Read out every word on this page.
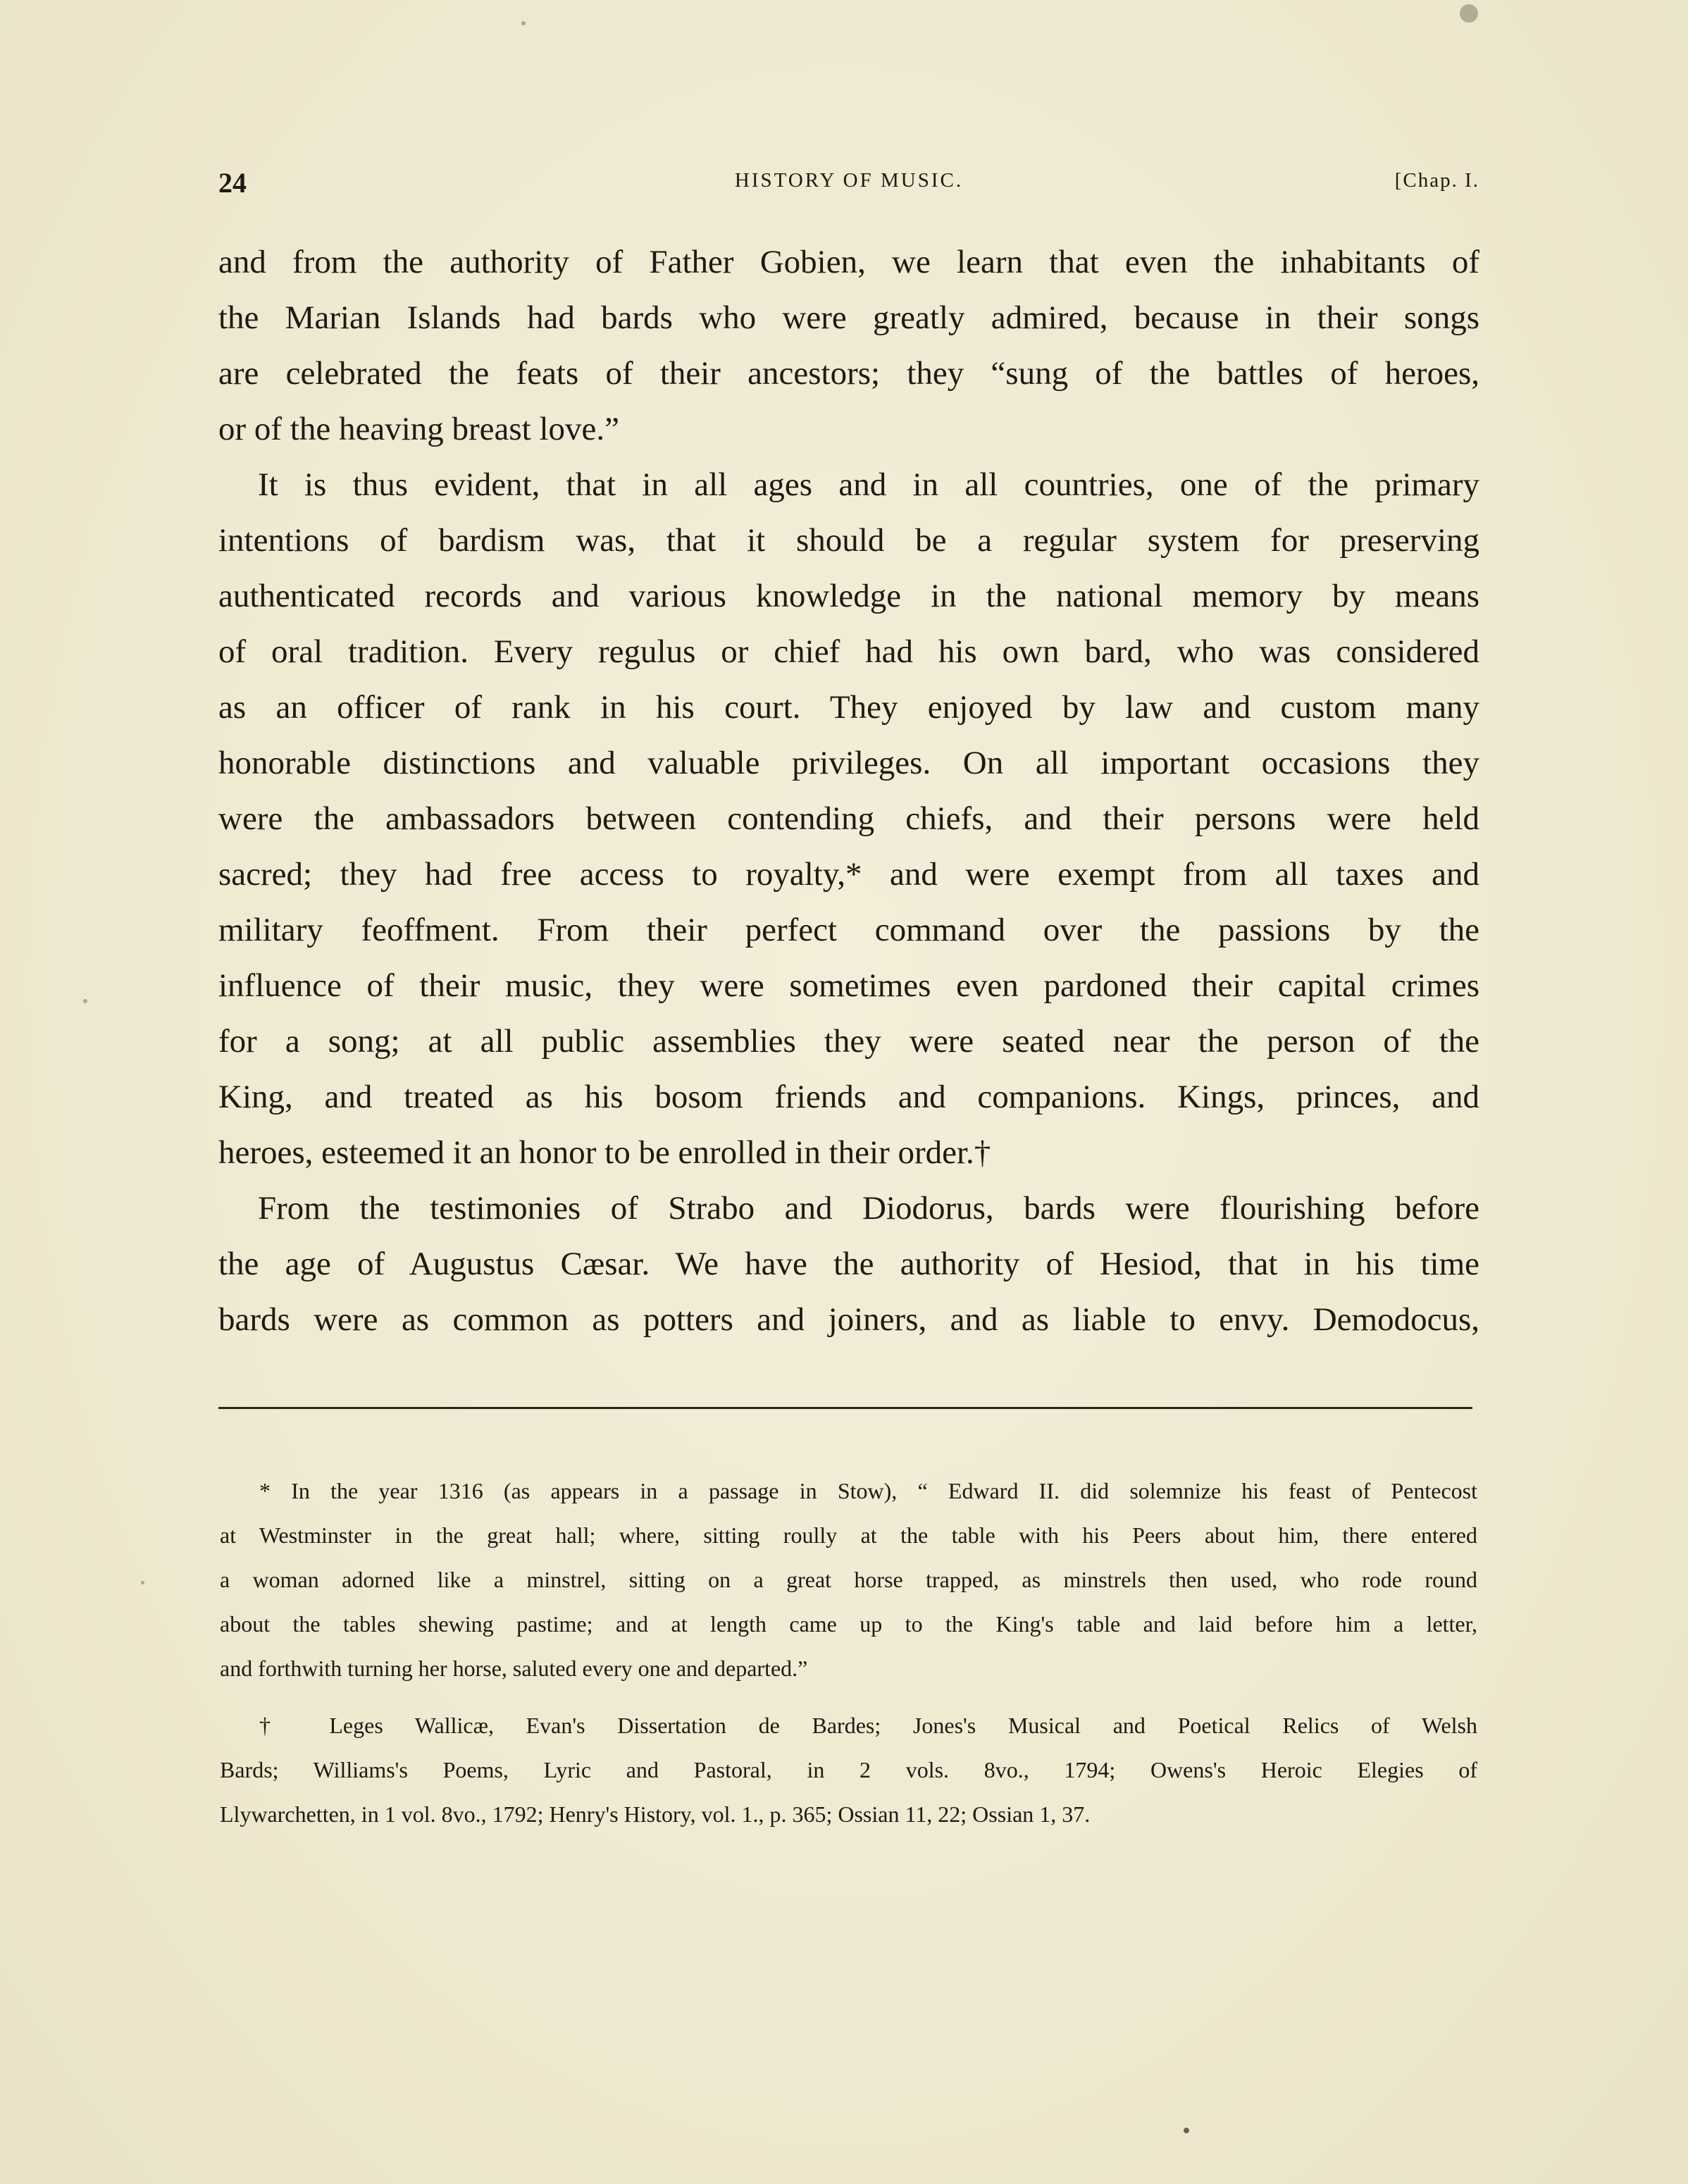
24	HISTORY OF MUSIC.	[Chap. I.
and from the authority of Father Gobien, we learn that even the inhabitants of
the Marian Islands had bards who were greatly admired, because in their songs
are celebrated the feats of their ancestors; they “sung of the battles of heroes,
or of the heaving breast love.”
It is thus evident, that in all ages and in all countries, one of the primary
intentions of bardism was, that it should be a regular system for preserving
authenticated records and various knowledge in the national memory by means
of oral tradition. Every regulus or chief had his own bard, who was considered
as an officer of rank in his court. They enjoyed by law and custom many
honorable distinctions and valuable privileges. On all important occasions they
were the ambassadors between contending chiefs, and their persons were held
sacred; they had free access to royalty,* and were exempt from all taxes and
military feoffment. From their perfect command over the passions by the
influence of their music, they were sometimes even pardoned their capital crimes
for a song; at all public assemblies they were seated near the person of the
King, and treated as his bosom friends and companions. Kings, princes, and
heroes, esteemed it an honor to be enrolled in their order.†
From the testimonies of Strabo and Diodorus, bards were flourishing before
the age of Augustus Cæsar. We have the authority of Hesiod, that in his time
bards were as common as potters and joiners, and as liable to envy. Demodocus,
* In the year 1316 (as appears in a passage in Stow), “ Edward II. did solemnize his feast of Pentecost
at Westminster in the great hall; where, sitting roully at the table with his Peers about him, there entered
a woman adorned like a minstrel, sitting on a great horse trapped, as minstrels then used, who rode round
about the tables shewing pastime; and at length came up to the King's table and laid before him a letter,
and forthwith turning her horse, saluted every one and departed.”
† Leges Wallicæ, Evan's Dissertation de Bardes; Jones's Musical and Poetical Relics of Welsh
Bards; Williams's Poems, Lyric and Pastoral, in 2 vols. 8vo., 1794; Owens's Heroic Elegies of
Llywarchetten, in 1 vol. 8vo., 1792; Henry's History, vol. 1., p. 365; Ossian 11, 22; Ossian 1, 37.
